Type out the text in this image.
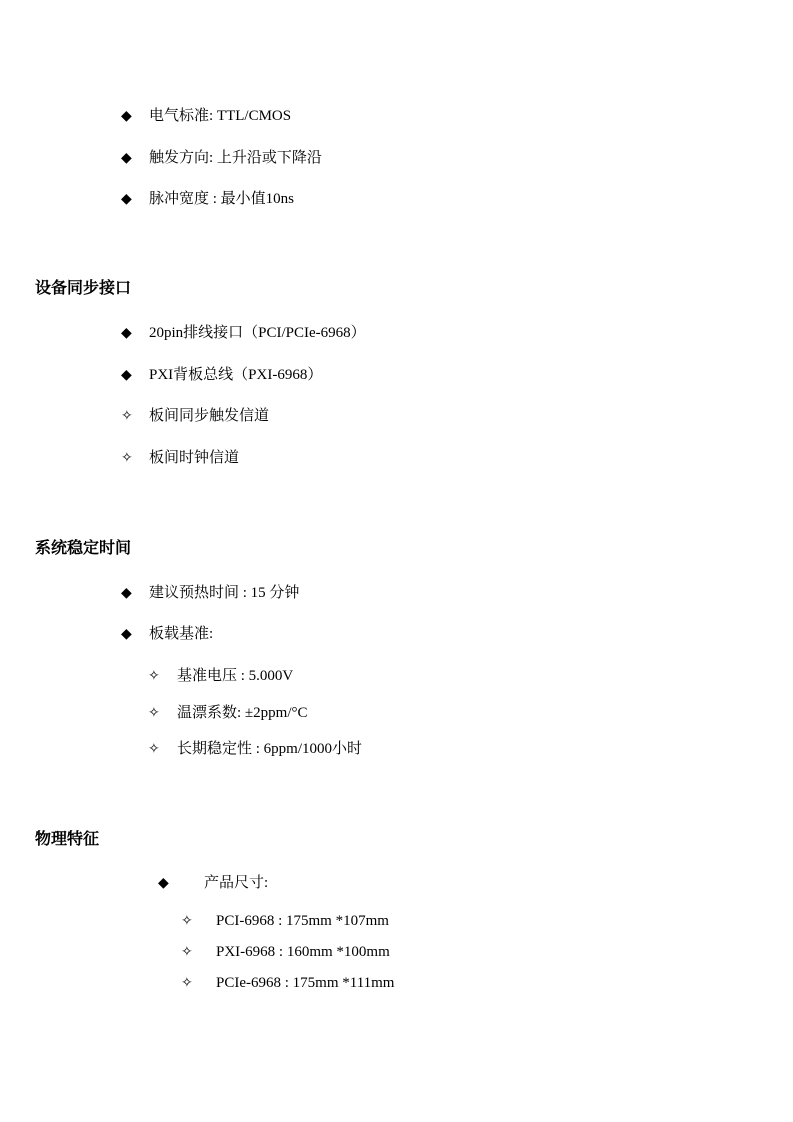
◆ 电气标准: TTL/CMOS
◆ 触发方向: 上升沿或下降沿
◆ 脉冲宽度 : 最小值10ns
设备同步接口
◆ 20pin排线接口（PCI/PCIe-6968）
◆ PXI背板总线（PXI-6968）
✧ 板间同步触发信道
✧ 板间时钟信道
系统稳定时间
◆ 建议预热时间 : 15 分钟
◆ 板载基准:
✧ 基准电压 : 5.000V
✧ 温漂系数: ±2ppm/°C
✧ 长期稳定性 : 6ppm/1000小时
物理特征
◆ 产品尺寸:
✧ PCI-6968 : 175mm *107mm
✧ PXI-6968 : 160mm *100mm
✧ PCIe-6968 : 175mm *111mm
